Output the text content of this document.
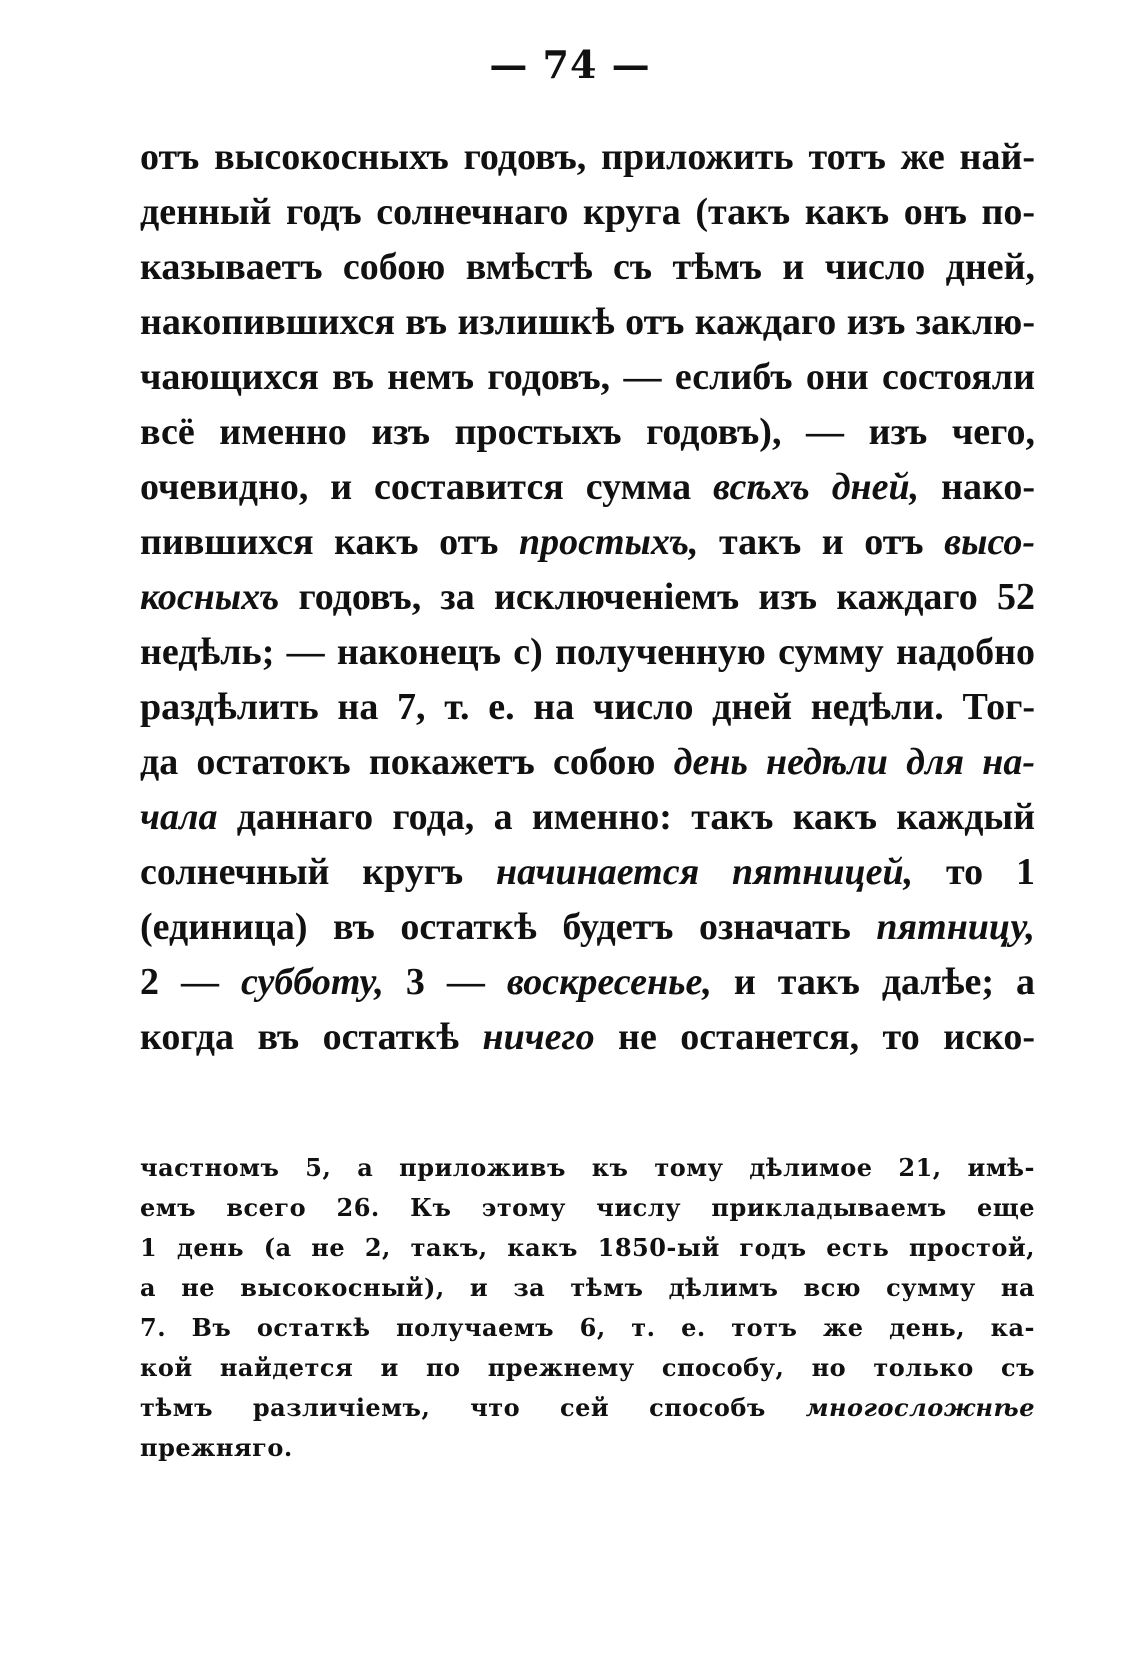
— 74 —
отъ высокосныхъ годовъ, приложить тотъ же най-
денный годъ солнечнаго круга (такъ какъ онъ по-
казываетъ собою вмѣстѣ съ тѣмъ и число дней,
накопившихся въ излишкѣ отъ каждаго изъ заклю-
чающихся въ немъ годовъ, — еслибъ они состояли
всё именно изъ простыхъ годовъ), — изъ чего,
очевидно, и составится сумма всѣхъ дней, нако-
пившихся какъ отъ простыхъ, такъ и отъ высо-
косныхъ годовъ, за исключеніемъ изъ каждаго 52
недѣль; — наконецъ c) полученную сумму надобно
раздѣлить на 7, т. е. на число дней недѣли. Тог-
да остатокъ покажетъ собою день недѣли для на-
чала даннаго года, а именно: такъ какъ каждый
солнечный кругъ начинается пятницей, то 1
(единица) въ остаткѣ будетъ означать пятницу,
2 — субботу, 3 — воскресенье, и такъ далѣе; а
когда въ остаткѣ ничего не останется, то иско-
частномъ 5, а приложивъ къ тому дѣлимое 21, имѣ-
емъ всего 26. Къ этому числу прикладываемъ еще
1 день (а не 2, такъ, какъ 1850-ый годъ есть простой,
а не высокосный), и за тѣмъ дѣлимъ всю сумму на
7. Въ остаткѣ получаемъ 6, т. е. тотъ же день, ка-
кой найдется и по прежнему способу, но только съ
тѣмъ различіемъ, что сей способъ многосложнѣе
прежняго.
